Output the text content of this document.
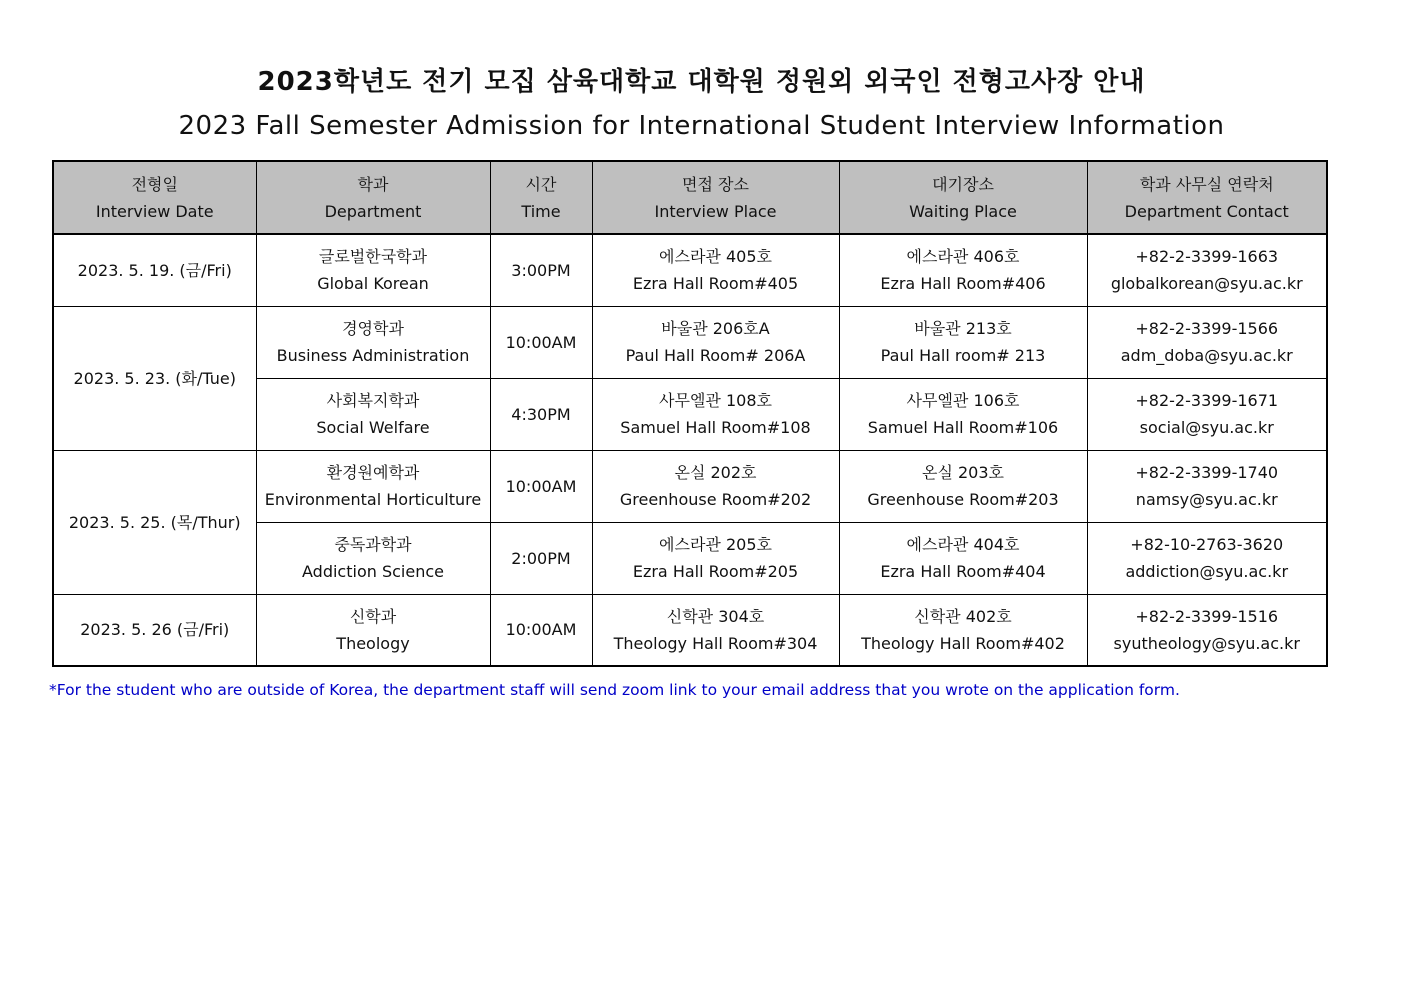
2023학년도 전기 모집 삼육대학교 대학원 정원외 외국인 전형고사장 안내
2023 Fall Semester Admission for International Student Interview Information
전형일
Interview Date	학과
Department	시간
Time	면접 장소
Interview Place	대기장소
Waiting Place	학과 사무실 연락처
Department Contact

2023. 5. 19. (금/Fri)	글로벌한국학과
Global Korean	3:00PM	에스라관 405호
Ezra Hall Room#405	에스라관 406호
Ezra Hall Room#406	+82-2-3399-1663
globalkorean@syu.ac.kr

2023. 5. 23. (화/Tue)	경영학과
Business Administration	10:00AM	바울관 206호A
Paul Hall Room# 206A	바울관 213호
Paul Hall room# 213	+82-2-3399-1566
adm_doba@syu.ac.kr

	사회복지학과
Social Welfare	4:30PM	사무엘관 108호
Samuel Hall Room#108	사무엘관 106호
Samuel Hall Room#106	+82-2-3399-1671
social@syu.ac.kr

2023. 5. 25. (목/Thur)	환경원예학과
Environmental Horticulture	10:00AM	온실 202호
Greenhouse Room#202	온실 203호
Greenhouse Room#203	+82-2-3399-1740
namsy@syu.ac.kr

	중독과학과
Addiction Science	2:00PM	에스라관 205호
Ezra Hall Room#205	에스라관 404호
Ezra Hall Room#404	+82-10-2763-3620
addiction@syu.ac.kr

2023. 5. 26 (금/Fri)	신학과
Theology	10:00AM	신학관 304호
Theology Hall Room#304	신학관 402호
Theology Hall Room#402	+82-2-3399-1516
syutheology@syu.ac.kr
*For the student who are outside of Korea, the department staff will send zoom link to your email address that you wrote on the application form.
